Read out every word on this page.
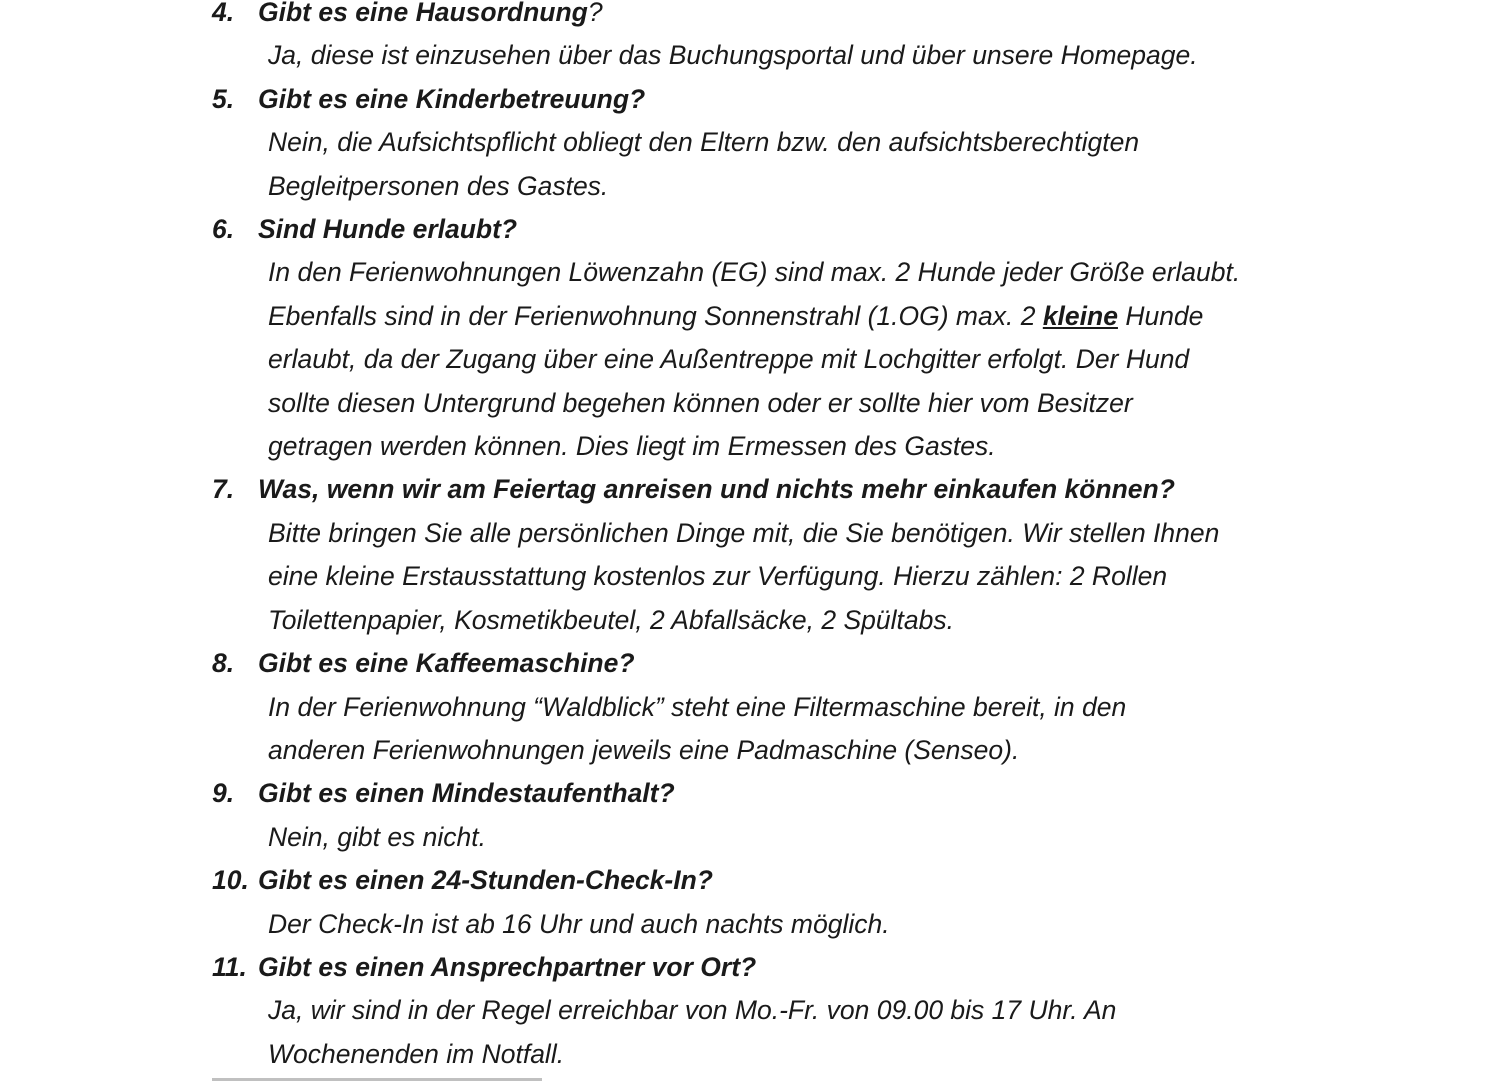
4. Gibt es eine Hausordnung?
Ja, diese ist einzusehen über das Buchungsportal und über unsere Homepage.
5. Gibt es eine Kinderbetreuung?
Nein, die Aufsichtspflicht obliegt den Eltern bzw. den aufsichtsberechtigten
Begleitpersonen des Gastes.
6. Sind Hunde erlaubt?
In den Ferienwohnungen Löwenzahn (EG) sind max. 2 Hunde jeder Größe erlaubt.
Ebenfalls sind in der Ferienwohnung Sonnenstrahl (1.OG) max. 2 kleine Hunde
erlaubt, da der Zugang über eine Außentreppe mit Lochgitter erfolgt. Der Hund
sollte diesen Untergrund begehen können oder er sollte hier vom Besitzer
getragen werden können. Dies liegt im Ermessen des Gastes.
7. Was, wenn wir am Feiertag anreisen und nichts mehr einkaufen können?
Bitte bringen Sie alle persönlichen Dinge mit, die Sie benötigen. Wir stellen Ihnen
eine kleine Erstausstattung kostenlos zur Verfügung. Hierzu zählen: 2 Rollen
Toilettenpapier, Kosmetikbeutel, 2 Abfallsäcke, 2 Spültabs.
8. Gibt es eine Kaffeemaschine?
In der Ferienwohnung “Waldblick” steht eine Filtermaschine bereit, in den
anderen Ferienwohnungen jeweils eine Padmaschine (Senseo).
9. Gibt es einen Mindestaufenthalt?
Nein, gibt es nicht.
10. Gibt es einen 24-Stunden-Check-In?
Der Check-In ist ab 16 Uhr und auch nachts möglich.
11. Gibt es einen Ansprechpartner vor Ort?
Ja, wir sind in der Regel erreichbar von Mo.-Fr. von 09.00 bis 17 Uhr. An
Wochenenden im Notfall.
